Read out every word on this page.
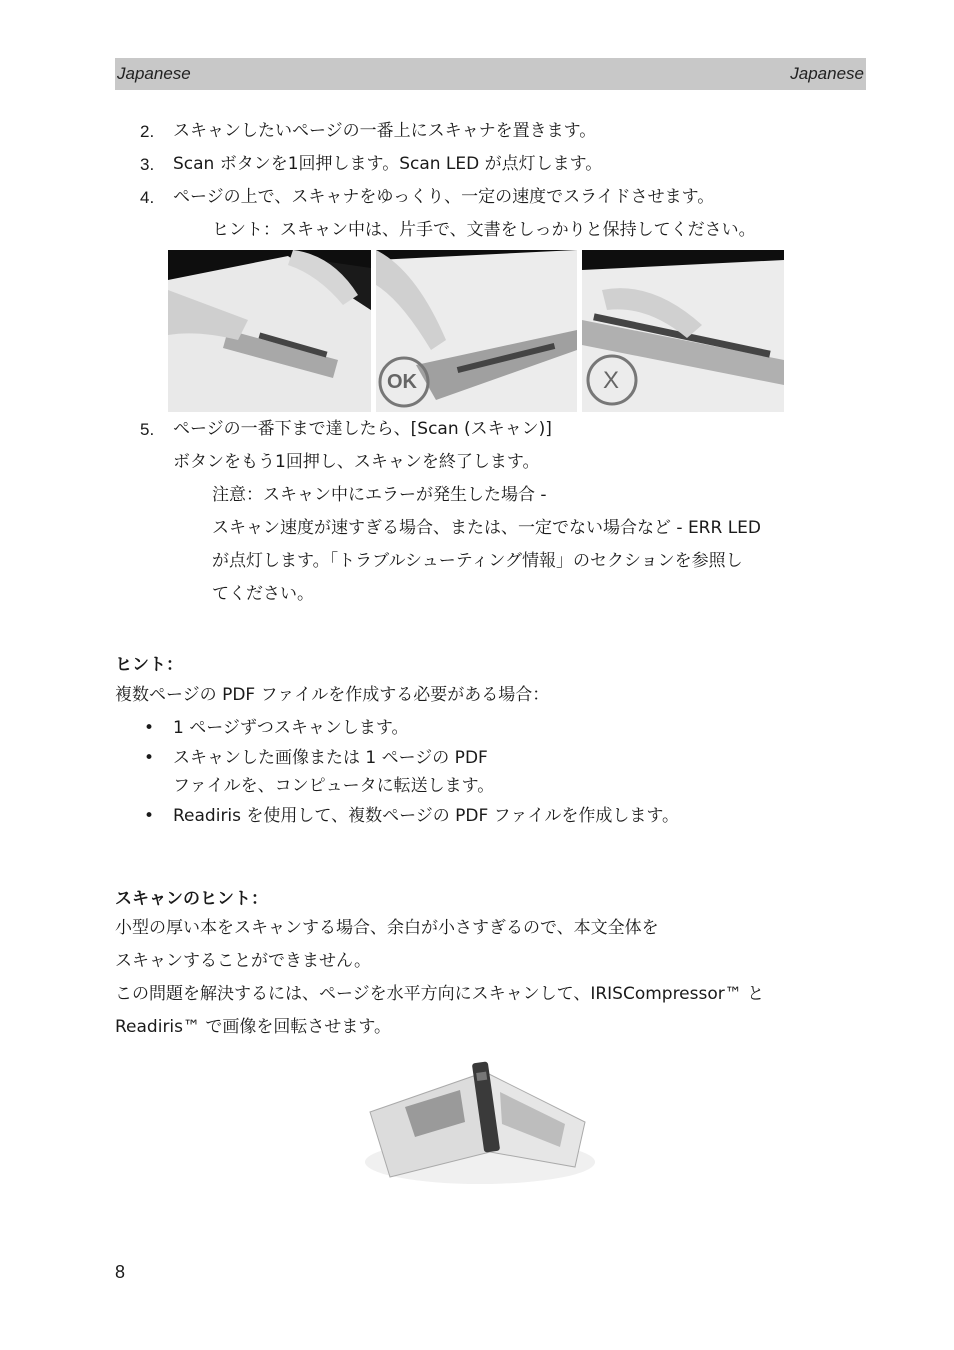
Japanese	Japanese
2. スキャンしたいページの一番上にスキャナを置きます。
3. Scan ボタンを1回押します。Scan LED が点灯します。
4. ページの上で、スキャナをゆっくり、一定の速度でスライドさせます。
ヒント：スキャン中は、片手で、文書をしっかりと保持してください。
OK	X
5. ページの一番下まで達したら、[Scan (スキャン)]
ボタンをもう1回押し、スキャンを終了します。
注意：スキャン中にエラーが発生した場合 -
スキャン速度が速すぎる場合、または、一定でない場合など - ERR LED
が点灯します。「トラブルシューティング情報」のセクションを参照し
てください。
ヒント：
複数ページの PDF ファイルを作成する必要がある場合：
• 1 ページずつスキャンします。
• スキャンした画像または 1 ページの PDF
ファイルを、コンピュータに転送します。
• Readiris を使用して、複数ページの PDF ファイルを作成します。
スキャンのヒント：
小型の厚い本をスキャンする場合、余白が小さすぎるので、本文全体を
スキャンすることができません。
この問題を解決するには、ページを水平方向にスキャンして、IRISCompressor™ と
Readiris™ で画像を回転させます。
8
